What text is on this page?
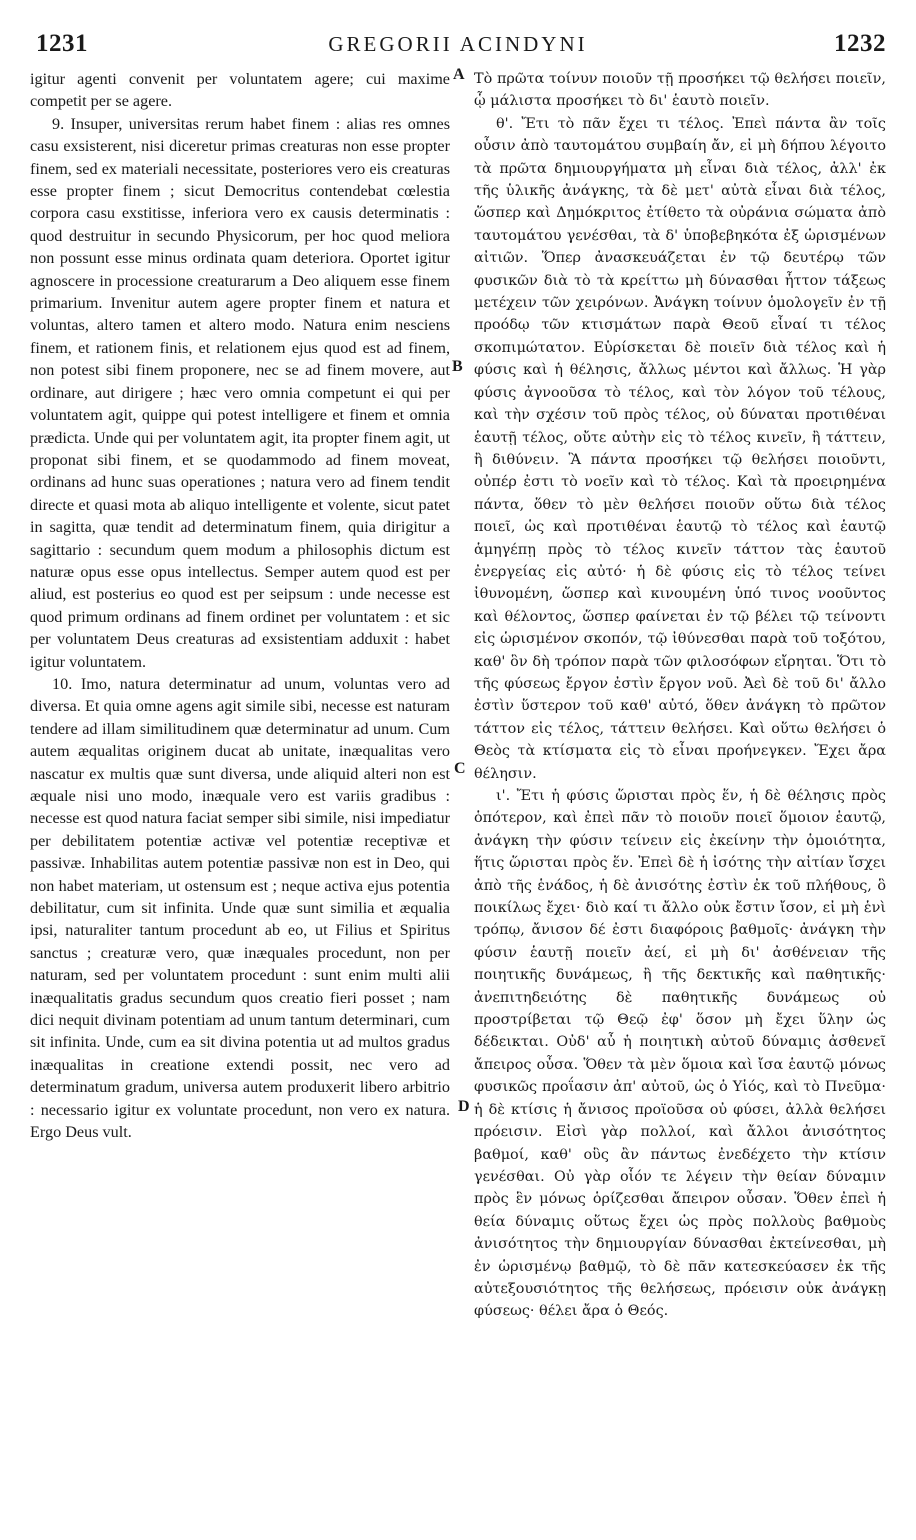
1231	GREGORII ACINDYNI	1232

igitur agenti convenit per voluntatem agere; cui maxime competit per se agere.

9. Insuper, universitas rerum habet finem : alias res omnes casu exsisterent, nisi diceretur primas creaturas non esse propter finem, sed ex materiali necessitate, posteriores vero eis creaturas esse propter finem ; sicut Democritus contendebat cœlestia corpora casu exstitisse, inferiora vero ex causis determinatis : quod destruitur in secundo Physicorum, per hoc quod meliora non possunt esse minus ordinata quam deteriora. Oportet igitur agnoscere in processione creaturarum a Deo aliquem esse finem primarium. Invenitur autem agere propter finem et natura et voluntas, altero tamen et altero modo. Natura enim nesciens finem, et rationem finis, et relationem ejus quod est ad finem, non potest sibi finem proponere, nec se ad finem movere, aut ordinare, aut dirigere ; hæc vero omnia competunt ei qui per voluntatem agit, quippe qui potest intelligere et finem et omnia prædicta. Unde qui per voluntatem agit, ita propter finem agit, ut proponat sibi finem, et se quodammodo ad finem moveat, ordinans ad hunc suas operationes ; natura vero ad finem tendit directe et quasi mota ab aliquo intelligente et volente, sicut patet in sagitta, quæ tendit ad determinatum finem, quia dirigitur a sagittario : secundum quem modum a philosophis dictum est naturæ opus esse opus intellectus. Semper autem quod est per aliud, est posterius eo quod est per seipsum : unde necesse est quod primum ordinans ad finem ordinet per voluntatem : et sic per voluntatem Deus creaturas ad exsistentiam adduxit : habet igitur voluntatem.

10. Imo, natura determinatur ad unum, voluntas vero ad diversa. Et quia omne agens agit simile sibi, necesse est naturam tendere ad illam similitudinem quæ determinatur ad unum. Cum autem æqualitas originem ducat ab unitate, inæqualitas vero nascatur ex multis quæ sunt diversa, unde aliquid alteri non est æquale nisi uno modo, inæquale vero est variis gradibus : necesse est quod natura faciat semper sibi simile, nisi impediatur per debilitatem potentiæ activæ vel potentiæ receptivæ et passivæ. Inhabilitas autem potentiæ passivæ non est in Deo, qui non habet materiam, ut ostensum est ; neque activa ejus potentia debilitatur, cum sit infinita. Unde quæ sunt similia et æqualia ipsi, naturaliter tantum procedunt ab eo, ut Filius et Spiritus sanctus ; creaturæ vero, quæ inæquales procedunt, non per naturam, sed per voluntatem procedunt : sunt enim multi alii inæqualitatis gradus secundum quos creatio fieri posset ; nam dici nequit divinam potentiam ad unum tantum determinari, cum sit infinita. Unde, cum ea sit divina potentia ut ad multos gradus inæqualitas in creatione extendi possit, nec vero ad determinatum gradum, universa autem produxerit libero arbitrio : necessario igitur ex voluntate procedunt, non vero ex natura. Ergo Deus vult.

A
B
C
D

Τὸ πρῶτα τοίνυν ποιοῦν τῇ προσήκει τῷ θελήσει ποιεῖν, ᾧ μάλιστα προσήκει τὸ δι' ἑαυτὸ ποιεῖν.

θ'. Ἔτι τὸ πᾶν ἔχει τι τέλος. Ἐπεὶ πάντα ἂν τοῖς οὖσιν ἀπὸ ταυτομάτου συμβαίη ἄν, εἰ μὴ δήπου λέγοιτο τὰ πρῶτα δημιουργήματα μὴ εἶναι διὰ τέλος, ἀλλ' ἐκ τῆς ὑλικῆς ἀνάγκης, τὰ δὲ μετ' αὐτὰ εἶναι διὰ τέλος, ὥσπερ καὶ Δημόκριτος ἐτίθετο τὰ οὐράνια σώματα ἀπὸ ταυτομάτου γενέσθαι, τὰ δ' ὑποβεβηκότα ἐξ ὡρισμένων αἰτιῶν. Ὅπερ ἀνασκευάζεται ἐν τῷ δευτέρῳ τῶν φυσικῶν διὰ τὸ τὰ κρείττω μὴ δύνασθαι ἧττον τάξεως μετέχειν τῶν χειρόνων. Ἀνάγκη τοίνυν ὁμολογεῖν ἐν τῇ προόδῳ τῶν κτισμάτων παρὰ Θεοῦ εἶναί τι τέλος σκοπιμώτατον. Εὑρίσκεται δὲ ποιεῖν διὰ τέλος καὶ ἡ φύσις καὶ ἡ θέλησις, ἄλλως μέντοι καὶ ἄλλως. Ἡ γὰρ φύσις ἀγνοοῦσα τὸ τέλος, καὶ τὸν λόγον τοῦ τέλους, καὶ τὴν σχέσιν τοῦ πρὸς τέλος, οὐ δύναται προτιθέναι ἑαυτῇ τέλος, οὔτε αὐτὴν εἰς τὸ τέλος κινεῖν, ἢ τάττειν, ἢ διθύνειν. Ἃ πάντα προσήκει τῷ θελήσει ποιοῦντι, οὐπέρ ἐστι τὸ νοεῖν καὶ τὸ τέλος. Καὶ τὰ προειρημένα πάντα, ὅθεν τὸ μὲν θελήσει ποιοῦν οὕτω διὰ τέλος ποιεῖ, ὡς καὶ προτιθέναι ἑαυτῷ τὸ τέλος καὶ ἑαυτῷ ἁμηγέπῃ πρὸς τὸ τέλος κινεῖν τάττον τὰς ἑαυτοῦ ἐνεργείας εἰς αὐτό· ἡ δὲ φύσις εἰς τὸ τέλος τείνει ἰθυνομένη, ὥσπερ καὶ κινουμένη ὑπό τινος νοοῦντος καὶ θέλοντος, ὥσπερ φαίνεται ἐν τῷ βέλει τῷ τείνοντι εἰς ὡρισμένον σκοπόν, τῷ ἰθύνεσθαι παρὰ τοῦ τοξότου, καθ' ὃν δὴ τρόπον παρὰ τῶν φιλοσόφων εἴρηται. Ὅτι τὸ τῆς φύσεως ἔργον ἐστὶν ἔργον νοῦ. Ἀεὶ δὲ τοῦ δι' ἄλλο ἐστὶν ὕστερον τοῦ καθ' αὐτό, ὅθεν ἀνάγκη τὸ πρῶτον τάττον εἰς τέλος, τάττειν θελήσει. Καὶ οὕτω θελήσει ὁ Θεὸς τὰ κτίσματα εἰς τὸ εἶναι προήνεγκεν. Ἔχει ἄρα θέλησιν.

ι'. Ἔτι ἡ φύσις ὥρισται πρὸς ἕν, ἡ δὲ θέλησις πρὸς ὁπότερον, καὶ ἐπεὶ πᾶν τὸ ποιοῦν ποιεῖ ὅμοιον ἑαυτῷ, ἀνάγκη τὴν φύσιν τείνειν εἰς ἐκείνην τὴν ὁμοιότητα, ἥτις ὥρισται πρὸς ἕν. Ἐπεὶ δὲ ἡ ἰσότης τὴν αἰτίαν ἴσχει ἀπὸ τῆς ἑνάδος, ἡ δὲ ἀνισότης ἐστὶν ἐκ τοῦ πλήθους, ὃ ποικίλως ἔχει· διὸ καί τι ἄλλο οὐκ ἔστιν ἴσον, εἰ μὴ ἑνὶ τρόπῳ, ἄνισον δέ ἐστι διαφόροις βαθμοῖς· ἀνάγκη τὴν φύσιν ἑαυτῇ ποιεῖν ἀεί, εἰ μὴ δι' ἀσθένειαν τῆς ποιητικῆς δυνάμεως, ἢ τῆς δεκτικῆς καὶ παθητικῆς· ἀνεπιτηδειότης δὲ παθητικῆς δυνάμεως οὐ προστρίβεται τῷ Θεῷ ἐφ' ὅσον μὴ ἔχει ὕλην ὡς δέδεικται. Οὐδ' αὖ ἡ ποιητικὴ αὐτοῦ δύναμις ἀσθενεῖ ἄπειρος οὖσα. Ὅθεν τὰ μὲν ὅμοια καὶ ἴσα ἑαυτῷ μόνως φυσικῶς προΐασιν ἀπ' αὐτοῦ, ὡς ὁ Υἱός, καὶ τὸ Πνεῦμα· ἡ δὲ κτίσις ἡ ἄνισος προϊοῦσα οὐ φύσει, ἀλλὰ θελήσει πρόεισιν. Εἰσὶ γὰρ πολλοί, καὶ ἄλλοι ἀνισότητος βαθμοί, καθ' οὓς ἂν πάντως ἐνεδέχετο τὴν κτίσιν γενέσθαι. Οὐ γὰρ οἷόν τε λέγειν τὴν θείαν δύναμιν πρὸς ἓν μόνως ὁρίζεσθαι ἄπειρον οὖσαν. Ὅθεν ἐπεὶ ἡ θεία δύναμις οὕτως ἔχει ὡς πρὸς πολλοὺς βαθμοὺς ἀνισότητος τὴν δημιουργίαν δύνασθαι ἐκτείνεσθαι, μὴ ἐν ὡρισμένῳ βαθμῷ, τὸ δὲ πᾶν κατεσκεύασεν ἐκ τῆς αὐτεξουσιότητος τῆς θελήσεως, πρόεισιν οὐκ ἀνάγκῃ φύσεως· θέλει ἄρα ὁ Θεός.
